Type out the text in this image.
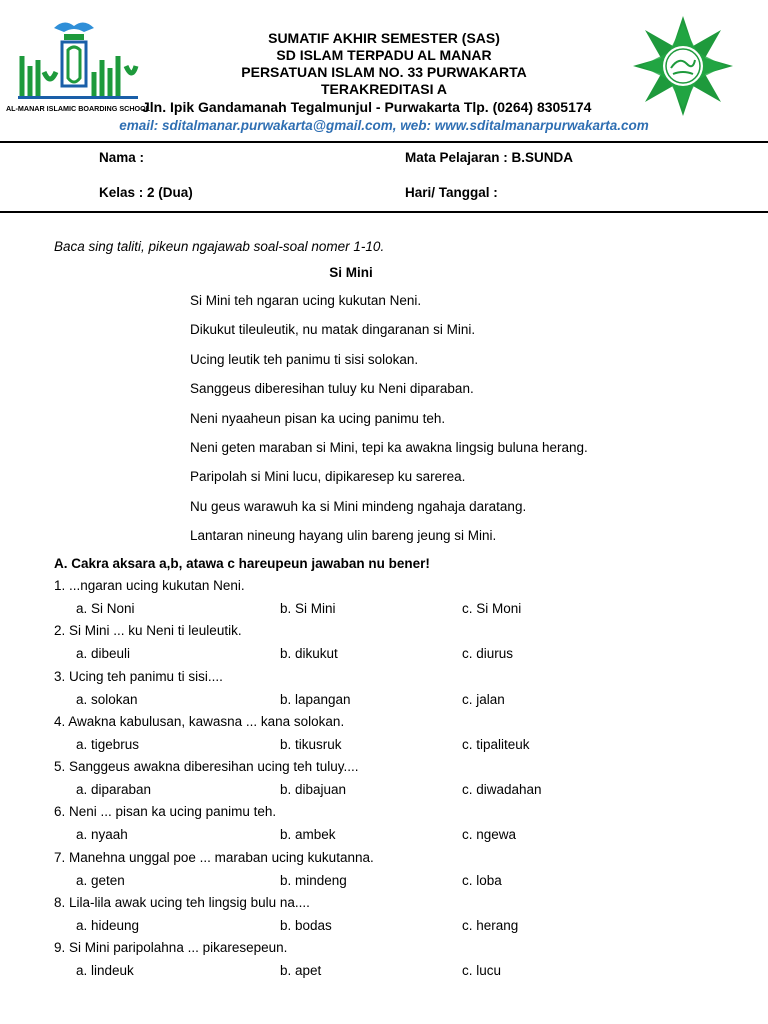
AL-MANAR ISLAMIC BOARDING SCHOOL
SUMATIF AKHIR SEMESTER (SAS)
SD ISLAM TERPADU AL MANAR
PERSATUAN ISLAM NO. 33 PURWAKARTA
TERAKREDITASI A
Jln. Ipik Gandamanah Tegalmunjul - Purwakarta Tlp. (0264) 8305174
email: sditalmanar.purwakarta@gmail.com, web: www.sditalmanarpurwakarta.com
Nama :	Mata Pelajaran : B.SUNDA
Kelas : 2 (Dua)	Hari/ Tanggal :
Baca sing taliti, pikeun ngajawab soal-soal nomer 1-10.
Si Mini
Si Mini teh ngaran ucing kukutan Neni.
Dikukut tileuleutik, nu matak dingaranan si Mini.
Ucing leutik teh panimu ti sisi solokan.
Sanggeus diberesihan tuluy ku Neni diparaban.
Neni nyaaheun pisan ka ucing panimu teh.
Neni geten maraban si Mini, tepi ka awakna lingsig buluna herang.
Paripolah si Mini lucu, dipikaresep ku sarerea.
Nu geus warawuh ka si Mini mindeng ngahaja daratang.
Lantaran nineung hayang ulin bareng jeung si Mini.
A. Cakra aksara a,b, atawa c hareupeun jawaban nu bener!
1. ...ngaran ucing kukutan Neni.
a. Si Noni	b. Si Mini	c. Si Moni
2. Si Mini ... ku Neni ti leuleutik.
a. dibeuli	b. dikukut	c. diurus
3. Ucing teh panimu ti sisi....
a. solokan	b. lapangan	c. jalan
4. Awakna kabulusan, kawasna ... kana solokan.
a. tigebrus	b. tikusruk	c. tipaliteuk
5. Sanggeus awakna diberesihan ucing teh tuluy....
a. diparaban	b. dibajuan	c. diwadahan
6. Neni ... pisan ka ucing panimu teh.
a. nyaah	b. ambek	c. ngewa
7. Manehna unggal poe ... maraban ucing kukutanna.
a. geten	b. mindeng	c. loba
8. Lila-lila awak ucing teh lingsig bulu na....
a. hideung	b. bodas	c. herang
9. Si Mini paripolahna ... pikaresepeun.
a. lindeuk	b. apet	c. lucu
